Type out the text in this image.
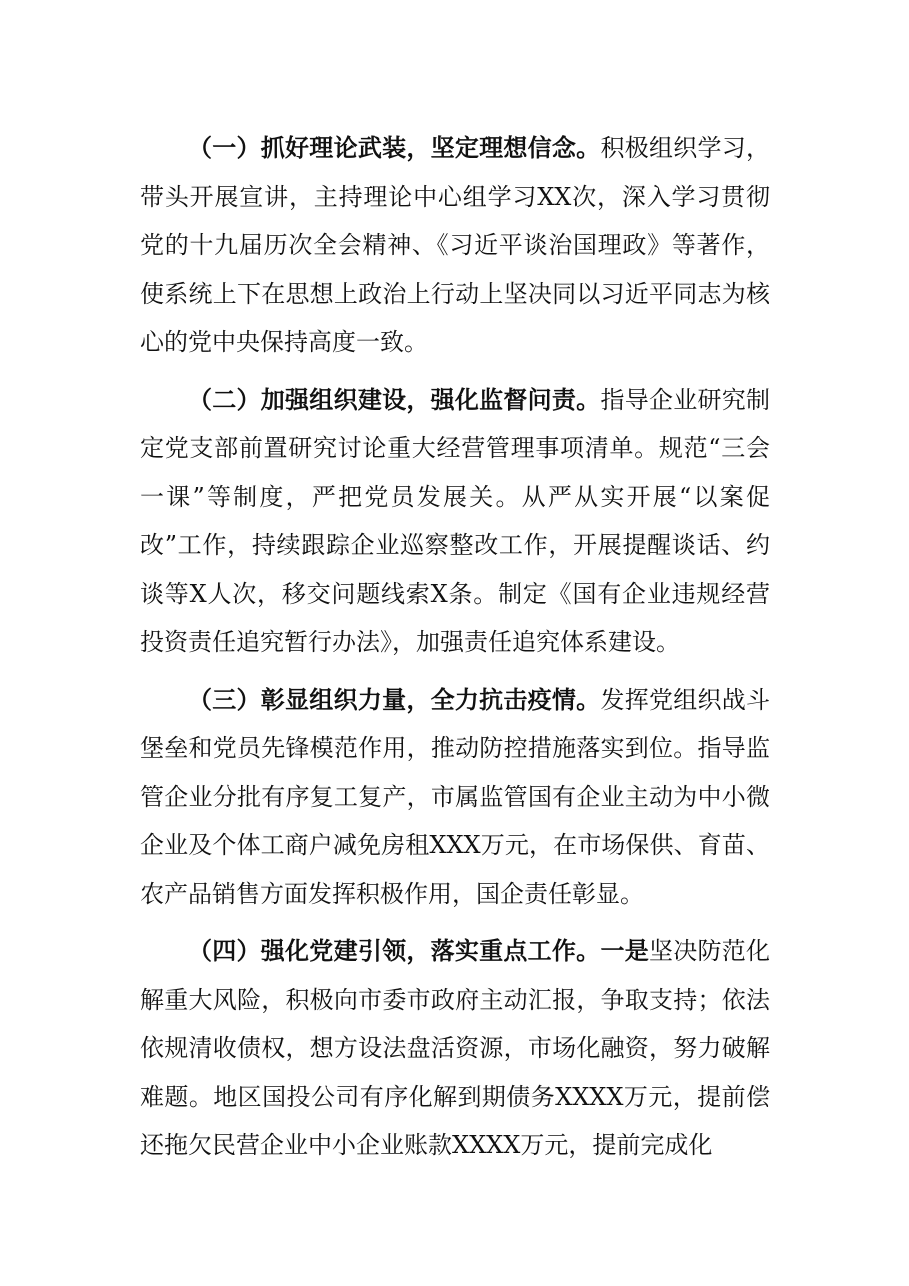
（一）抓好理论武装，坚定理想信念。积极组织学习，带头开展宣讲，主持理论中心组学习XX次，深入学习贯彻党的十九届历次全会精神、《习近平谈治国理政》等著作，使系统上下在思想上政治上行动上坚决同以习近平同志为核心的党中央保持高度一致。

（二）加强组织建设，强化监督问责。指导企业研究制定党支部前置研究讨论重大经营管理事项清单。规范“三会一课”等制度，严把党员发展关。从严从实开展“以案促改”工作，持续跟踪企业巡察整改工作，开展提醒谈话、约谈等X人次，移交问题线索X条。制定《国有企业违规经营投资责任追究暂行办法》，加强责任追究体系建设。

（三）彰显组织力量，全力抗击疫情。发挥党组织战斗堡垒和党员先锋模范作用，推动防控措施落实到位。指导监管企业分批有序复工复产，市属监管国有企业主动为中小微企业及个体工商户减免房租XXX万元，在市场保供、育苗、农产品销售方面发挥积极作用，国企责任彰显。

（四）强化党建引领，落实重点工作。一是坚决防范化解重大风险，积极向市委市政府主动汇报，争取支持；依法依规清收债权，想方设法盘活资源，市场化融资，努力破解难题。地区国投公司有序化解到期债务XXXX万元，提前偿还拖欠民营企业中小企业账款XXXX万元，提前完成化
